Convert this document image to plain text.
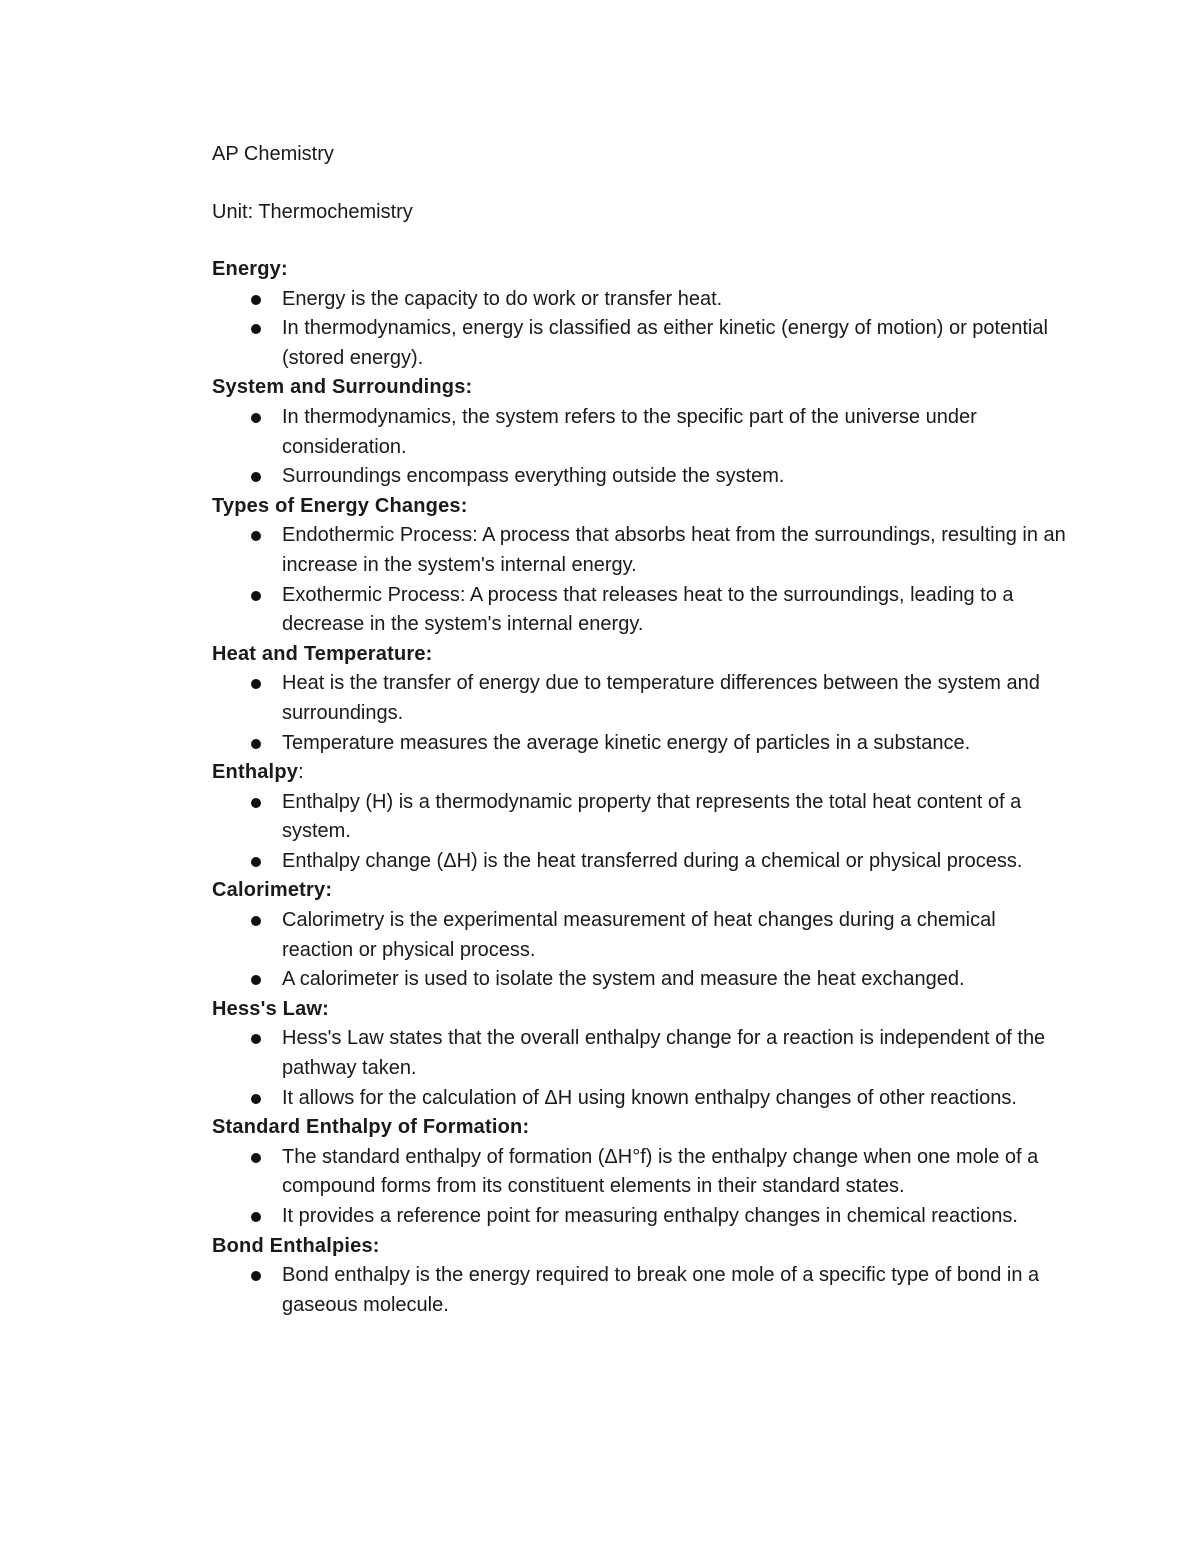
AP Chemistry
Unit: Thermochemistry
Energy:
Energy is the capacity to do work or transfer heat.
In thermodynamics, energy is classified as either kinetic (energy of motion) or potential (stored energy).
System and Surroundings:
In thermodynamics, the system refers to the specific part of the universe under consideration.
Surroundings encompass everything outside the system.
Types of Energy Changes:
Endothermic Process: A process that absorbs heat from the surroundings, resulting in an increase in the system's internal energy.
Exothermic Process: A process that releases heat to the surroundings, leading to a decrease in the system's internal energy.
Heat and Temperature:
Heat is the transfer of energy due to temperature differences between the system and surroundings.
Temperature measures the average kinetic energy of particles in a substance.
Enthalpy:
Enthalpy (H) is a thermodynamic property that represents the total heat content of a system.
Enthalpy change (ΔH) is the heat transferred during a chemical or physical process.
Calorimetry:
Calorimetry is the experimental measurement of heat changes during a chemical reaction or physical process.
A calorimeter is used to isolate the system and measure the heat exchanged.
Hess's Law:
Hess's Law states that the overall enthalpy change for a reaction is independent of the pathway taken.
It allows for the calculation of ΔH using known enthalpy changes of other reactions.
Standard Enthalpy of Formation:
The standard enthalpy of formation (ΔH°f) is the enthalpy change when one mole of a compound forms from its constituent elements in their standard states.
It provides a reference point for measuring enthalpy changes in chemical reactions.
Bond Enthalpies:
Bond enthalpy is the energy required to break one mole of a specific type of bond in a gaseous molecule.
